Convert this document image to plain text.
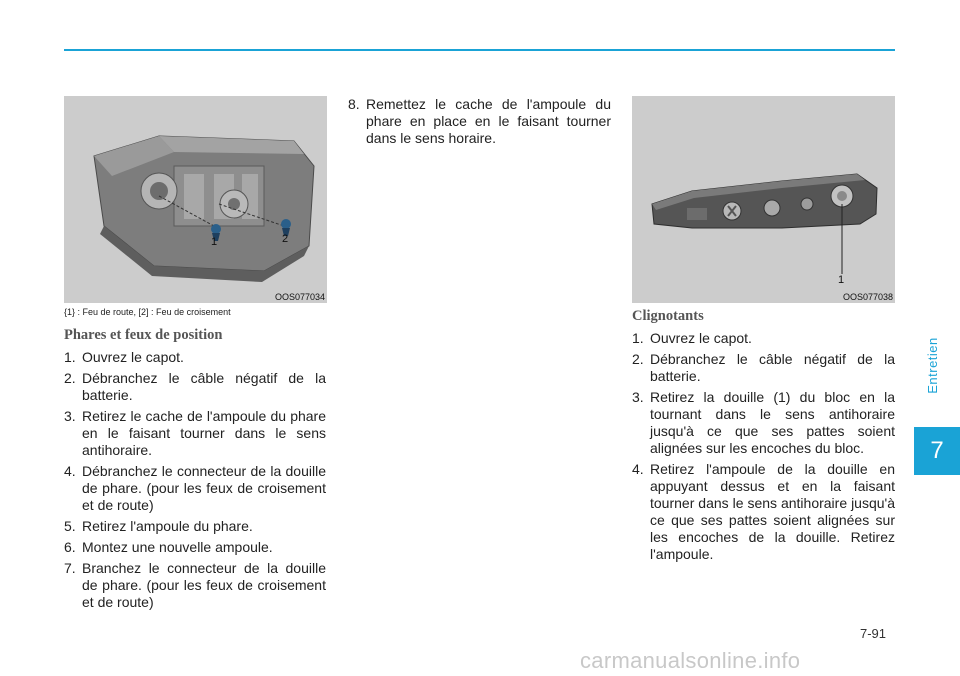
Entretien
7
1	2
OOS077034
{1} : Feu de route, [2] : Feu de croisement
1
OOS077038
Phares et feux de position
1. Ouvrez le capot.
2. Débranchez le câble négatif de la batterie.
3. Retirez le cache de l'ampoule du phare en le faisant tourner dans le sens antihoraire.
4. Débranchez le connecteur de la douille de phare. (pour les feux de croisement et de route)
5. Retirez l'ampoule du phare.
6. Montez une nouvelle ampoule.
7. Branchez le connecteur de la douille de phare. (pour les feux de croisement et de route)
8. Remettez le cache de l'ampoule du phare en place en le faisant tourner dans le sens horaire.
Clignotants
1. Ouvrez le capot.
2. Débranchez le câble négatif de la batterie.
3. Retirez la douille (1) du bloc en la tournant dans le sens antihoraire jusqu'à ce que ses pattes soient alignées sur les encoches du bloc.
4. Retirez l'ampoule de la douille en appuyant dessus et en la faisant tourner dans le sens antihoraire jusqu'à ce que ses pattes soient alignées sur les encoches de la douille. Retirez l'ampoule.
7-91
carmanualsonline.info
